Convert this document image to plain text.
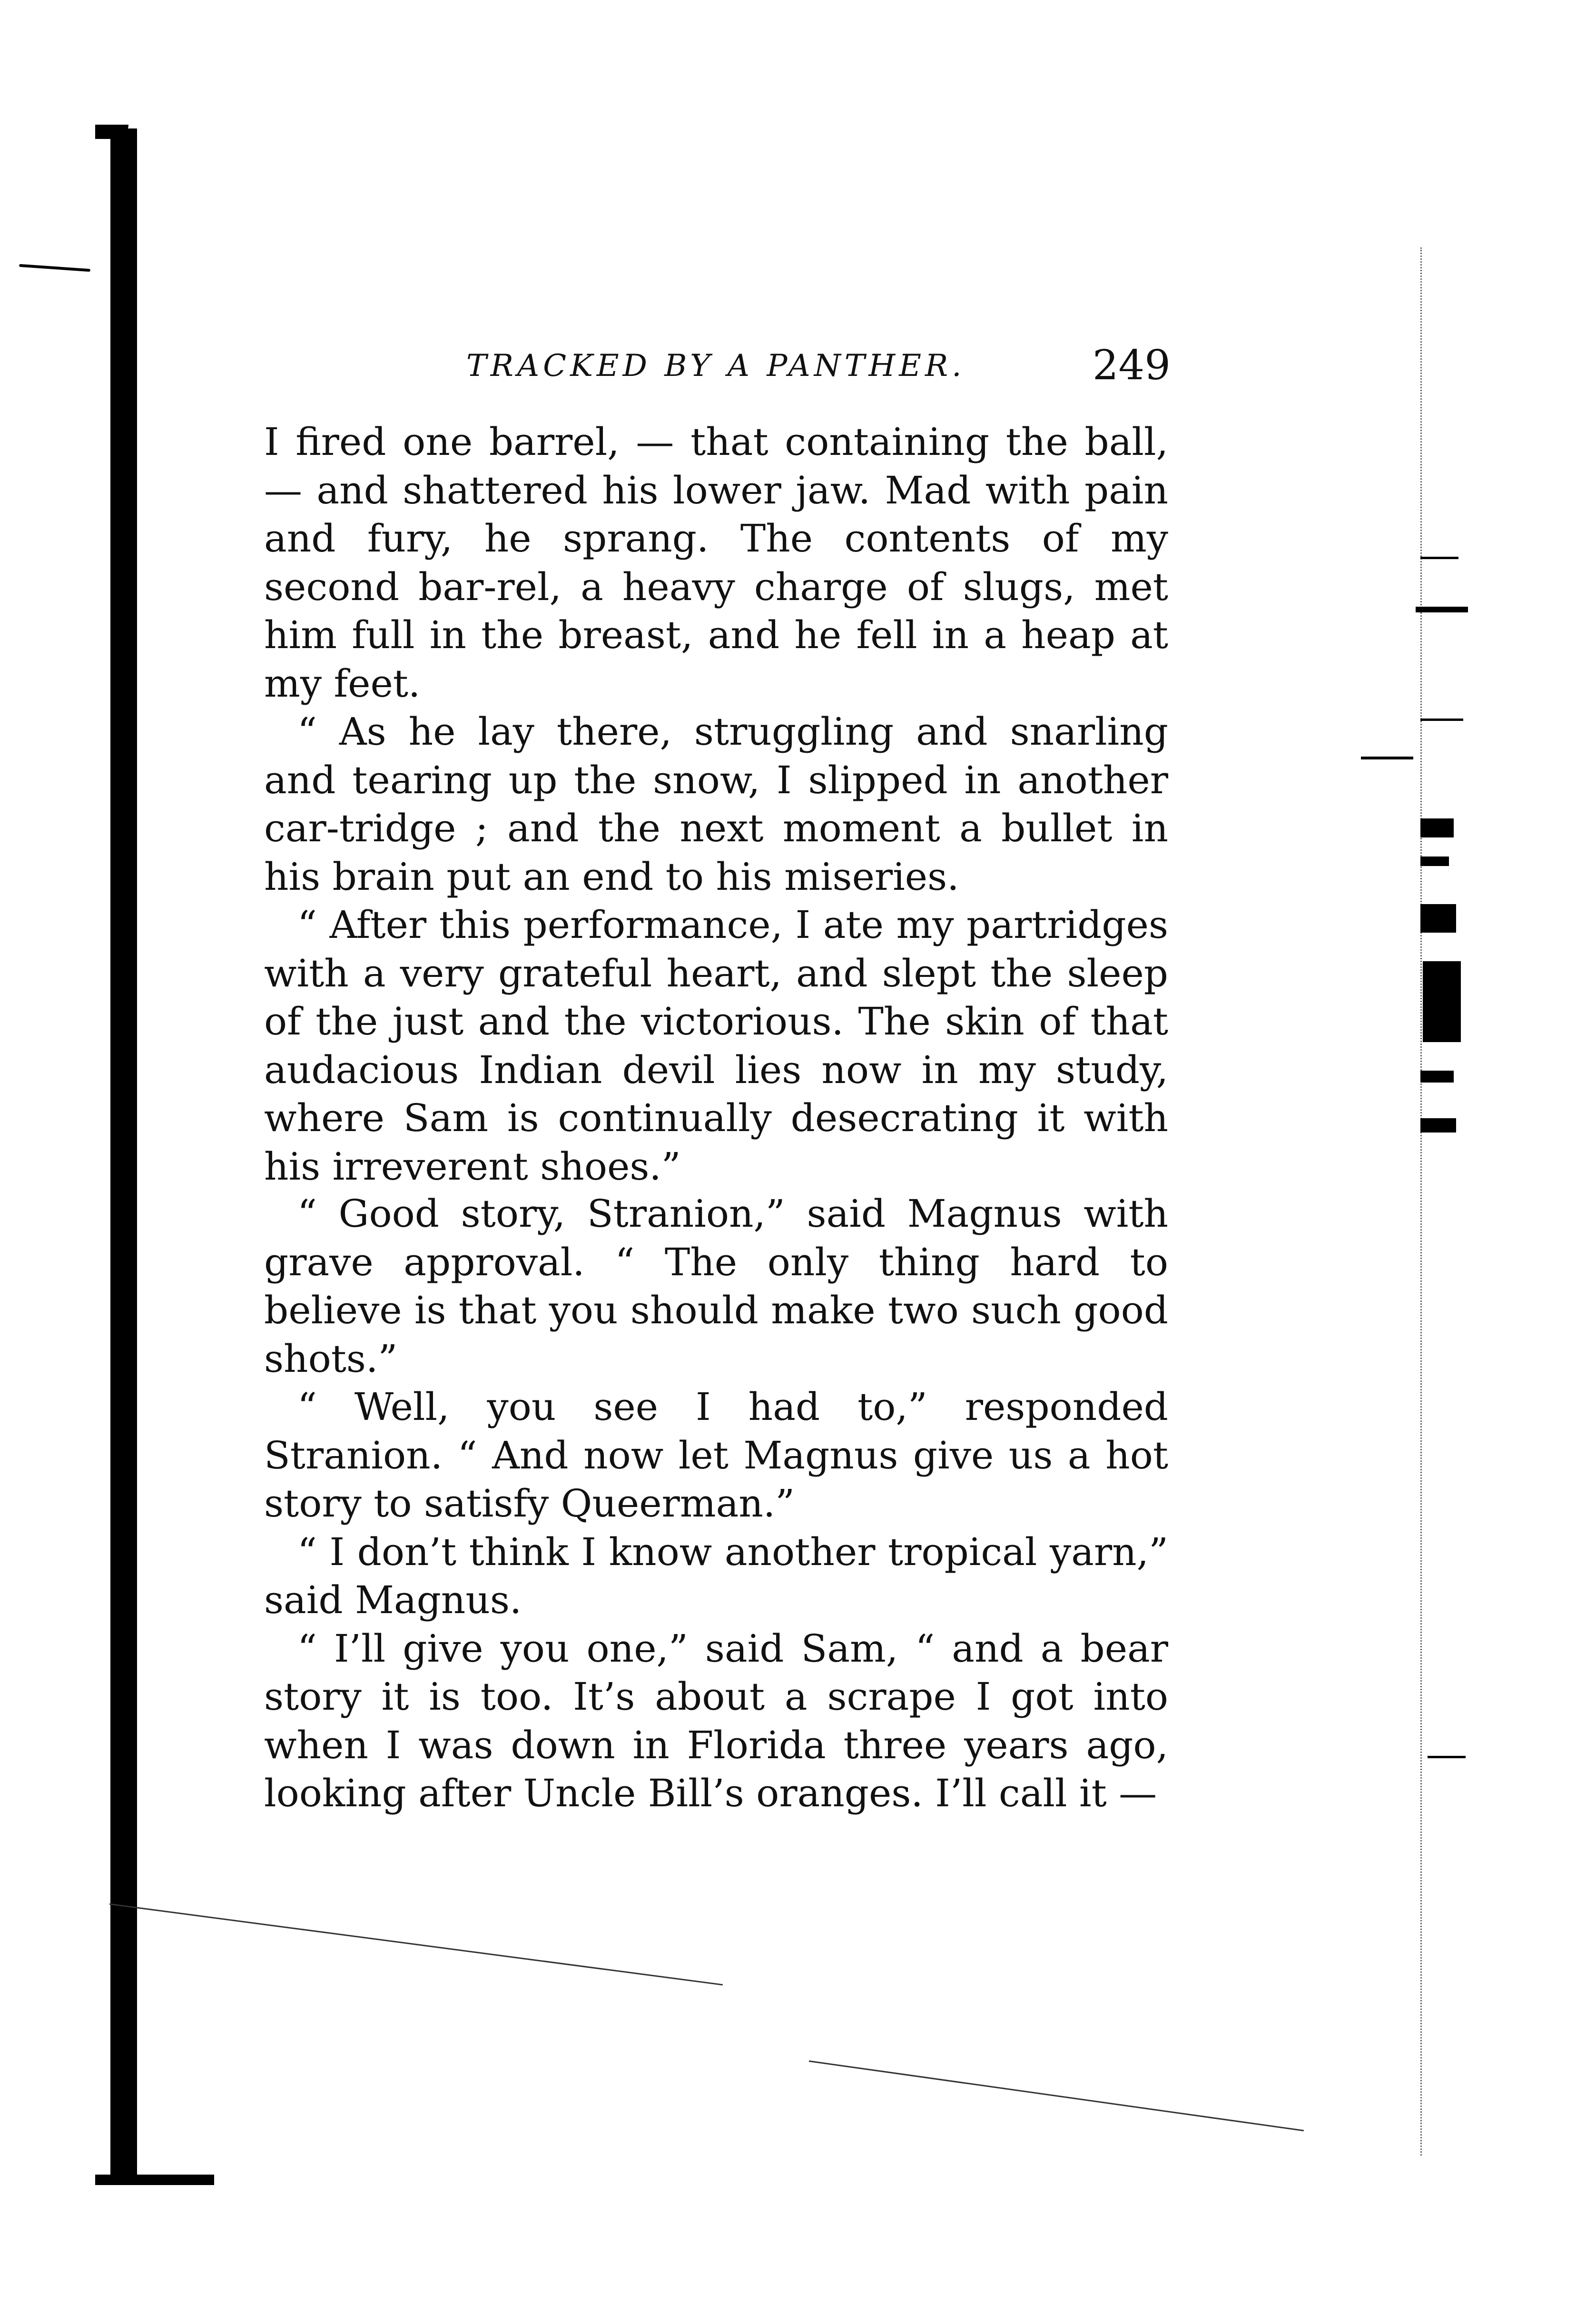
TRACKED BY A PANTHER.	249

I fired one barrel, — that containing the ball, — and shattered his lower jaw. Mad with pain and fury, he sprang. The contents of my second bar-rel, a heavy charge of slugs, met him full in the breast, and he fell in a heap at my feet.

“ As he lay there, struggling and snarling and tearing up the snow, I slipped in another car-tridge ; and the next moment a bullet in his brain put an end to his miseries.

“ After this performance, I ate my partridges with a very grateful heart, and slept the sleep of the just and the victorious. The skin of that audacious Indian devil lies now in my study, where Sam is continually desecrating it with his irreverent shoes.”

“ Good story, Stranion,” said Magnus with grave approval. “ The only thing hard to believe is that you should make two such good shots.”

“ Well, you see I had to,” responded Stranion. “ And now let Magnus give us a hot story to satisfy Queerman.”

“ I don’t think I know another tropical yarn,” said Magnus.

“ I’ll give you one,” said Sam, “ and a bear story it is too. It’s about a scrape I got into when I was down in Florida three years ago, looking after Uncle Bill’s oranges. I’ll call it —
